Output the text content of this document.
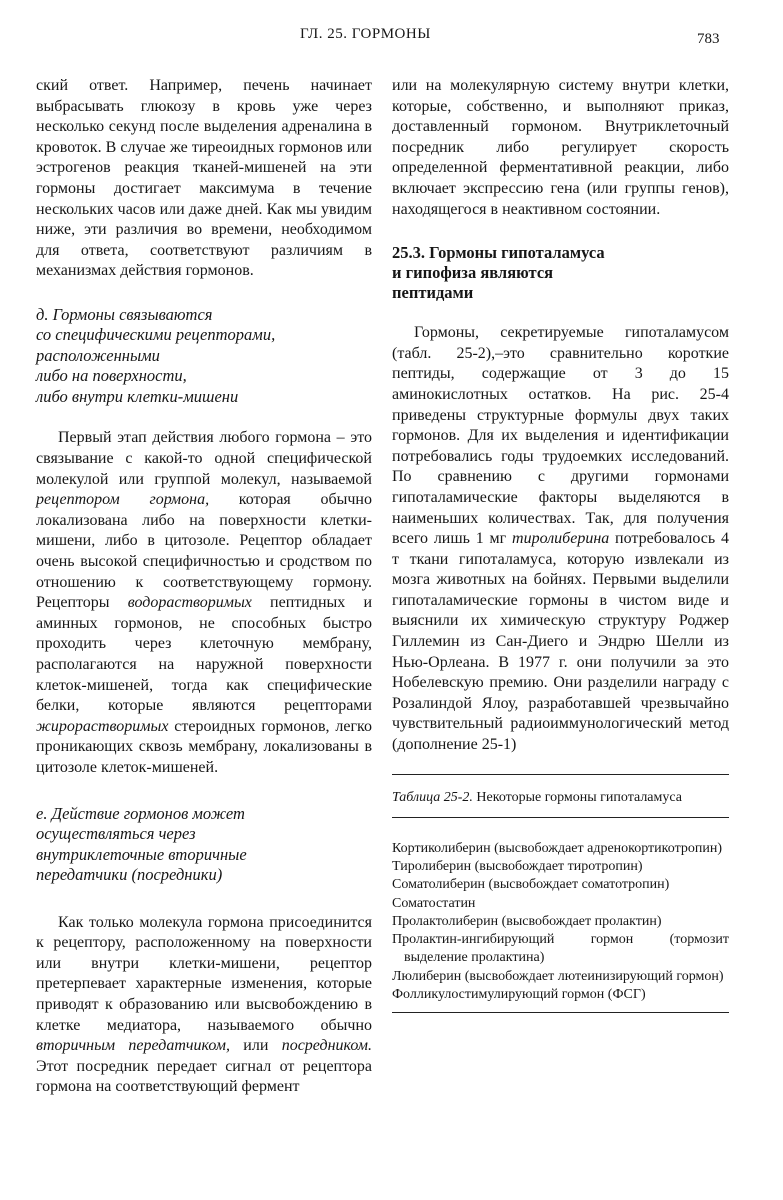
ГЛ. 25. ГОРМОНЫ	783

ский ответ. Например, печень начинает выбрасывать глюкозу в кровь уже через несколько секунд после выделения адреналина в кровоток. В случае же тиреоидных гормонов или эстрогенов реакция тканей-мишеней на эти гормоны достигает максимума в течение нескольких часов или даже дней. Как мы увидим ниже, эти различия во времени, необходимом для ответа, соответствуют различиям в механизмах действия гормонов.

д. Гормоны связываются
со специфическими рецепторами,
расположенными
либо на поверхности,
либо внутри клетки-мишени

Первый этап действия любого гормона – это связывание с какой-то одной специфической молекулой или группой молекул, называемой рецептором гормона, которая обычно локализована либо на поверхности клетки-мишени, либо в цитозоле. Рецептор обладает очень высокой специфичностью и сродством по отношению к соответствующему гормону. Рецепторы водорастворимых пептидных и аминных гормонов, не способных быстро проходить через клеточную мембрану, располагаются на наружной поверхности клеток-мишеней, тогда как специфические белки, которые являются рецепторами жирорастворимых стероидных гормонов, легко проникающих сквозь мембрану, локализованы в цитозоле клеток-мишеней.

е. Действие гормонов может
осуществляться через
внутриклеточные вторичные
передатчики (посредники)

Как только молекула гормона присоединится к рецептору, расположенному на поверхности или внутри клетки-мишени, рецептор претерпевает характерные изменения, которые приводят к образованию или высвобождению в клетке медиатора, называемого обычно вторичным передатчиком, или посредником. Этот посредник передает сигнал от рецептора гормона на соответствующий фермент

или на молекулярную систему внутри клетки, которые, собственно, и выполняют приказ, доставленный гормоном. Внутриклеточный посредник либо регулирует скорость определенной ферментативной реакции, либо включает экспрессию гена (или группы генов), находящегося в неактивном состоянии.

25.3. Гормоны гипоталамуса
и гипофиза являются
пептидами

Гормоны, секретируемые гипоталамусом (табл. 25-2),–это сравнительно короткие пептиды, содержащие от 3 до 15 аминокислотных остатков. На рис. 25-4 приведены структурные формулы двух таких гормонов. Для их выделения и идентификации потребовались годы трудоемких исследований. По сравнению с другими гормонами гипоталамические факторы выделяются в наименьших количествах. Так, для получения всего лишь 1 мг тиролиберина потребовалось 4 т ткани гипоталамуса, которую извлекали из мозга животных на бойнях. Первыми выделили гипоталамические гормоны в чистом виде и выяснили их химическую структуру Роджер Гиллемин из Сан-Диего и Эндрю Шелли из Нью-Орлеана. В 1977 г. они получили за это Нобелевскую премию. Они разделили награду с Розалиндой Ялоу, разработавшей чрезвычайно чувствительный радиоиммунологический метод (дополнение 25-1)

Таблица 25-2. Некоторые гормоны гипоталамуса

Кортиколиберин (высвобождает адренокортикотропин)
Тиролиберин (высвобождает тиротропин)
Соматолиберин (высвобождает соматотропин)
Соматостатин
Пролактолиберин (высвобождает пролактин)
Пролактин-ингибирующий гормон (тормозит выделение пролактина)
Люлиберин (высвобождает лютеинизирующий гормон)
Фолликулостимулирующий гормон (ФСГ)
